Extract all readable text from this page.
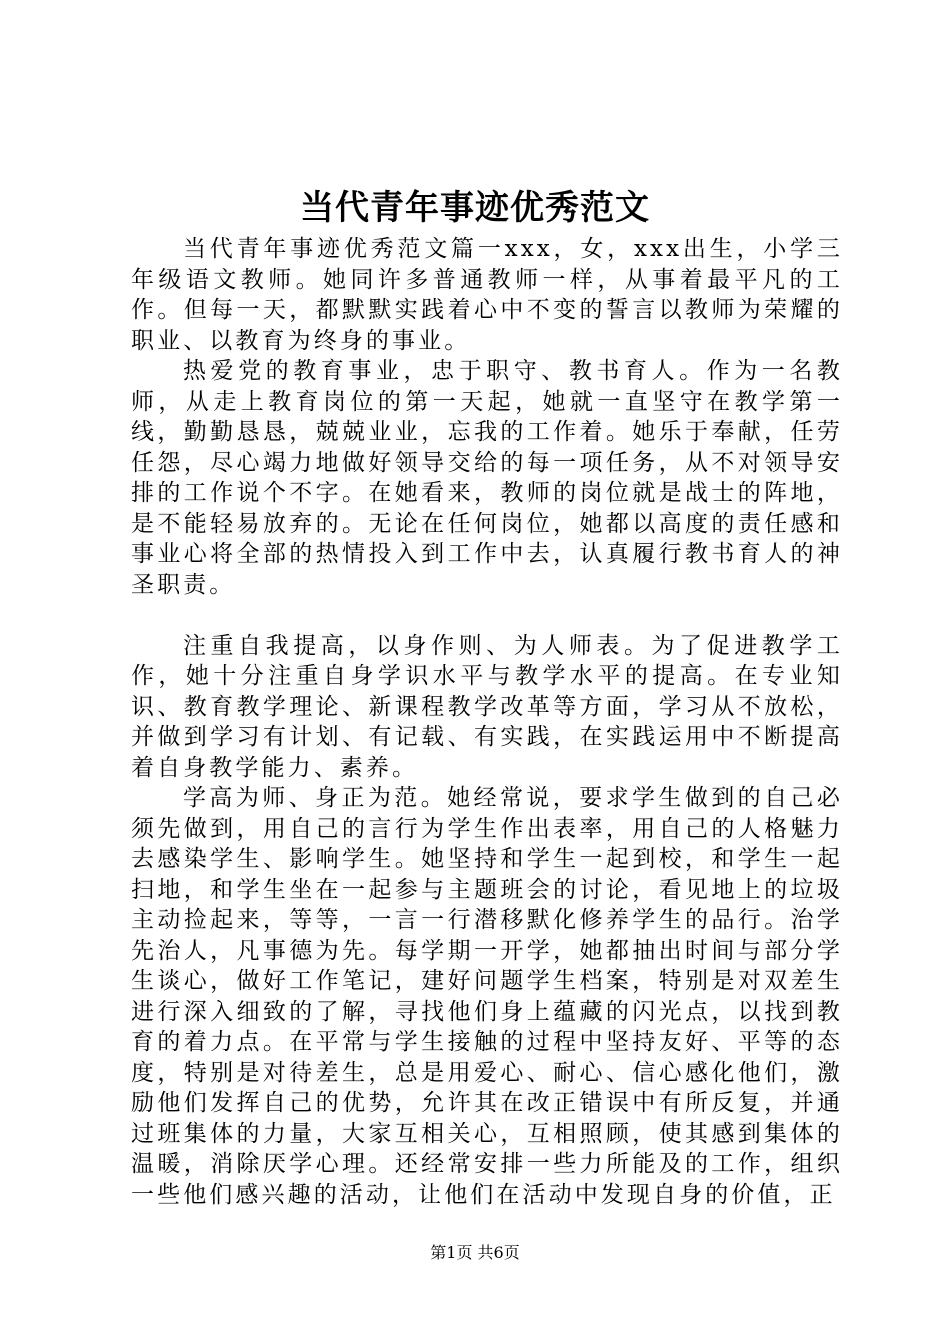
当代青年事迹优秀范文

当代青年事迹优秀范文篇一xxx，女，xxx出生，小学三年级语文教师。她同许多普通教师一样，从事着最平凡的工作。但每一天，都默默实践着心中不变的誓言以教师为荣耀的职业、以教育为终身的事业。

热爱党的教育事业，忠于职守、教书育人。作为一名教师，从走上教育岗位的第一天起，她就一直坚守在教学第一线，勤勤恳恳，兢兢业业，忘我的工作着。她乐于奉献，任劳任怨，尽心竭力地做好领导交给的每一项任务，从不对领导安排的工作说个不字。在她看来，教师的岗位就是战士的阵地，是不能轻易放弃的。无论在任何岗位，她都以高度的责任感和事业心将全部的热情投入到工作中去，认真履行教书育人的神圣职责。

注重自我提高，以身作则、为人师表。为了促进教学工作，她十分注重自身学识水平与教学水平的提高。在专业知识、教育教学理论、新课程教学改革等方面，学习从不放松，并做到学习有计划、有记载、有实践，在实践运用中不断提高着自身教学能力、素养。

学高为师、身正为范。她经常说，要求学生做到的自己必须先做到，用自己的言行为学生作出表率，用自己的人格魅力去感染学生、影响学生。她坚持和学生一起到校，和学生一起扫地，和学生坐在一起参与主题班会的讨论，看见地上的垃圾主动捡起来，等等，一言一行潜移默化修养学生的品行。治学先治人，凡事德为先。每学期一开学，她都抽出时间与部分学生谈心，做好工作笔记，建好问题学生档案，特别是对双差生进行深入细致的了解，寻找他们身上蕴藏的闪光点，以找到教育的着力点。在平常与学生接触的过程中坚持友好、平等的态度，特别是对待差生，总是用爱心、耐心、信心感化他们，激励他们发挥自己的优势，允许其在改正错误中有所反复，并通过班集体的力量，大家互相关心，互相照顾，使其感到集体的温暖，消除厌学心理。还经常安排一些力所能及的工作，组织一些他们感兴趣的活动，让他们在活动中发现自身的价值，正

第1页 共6页
